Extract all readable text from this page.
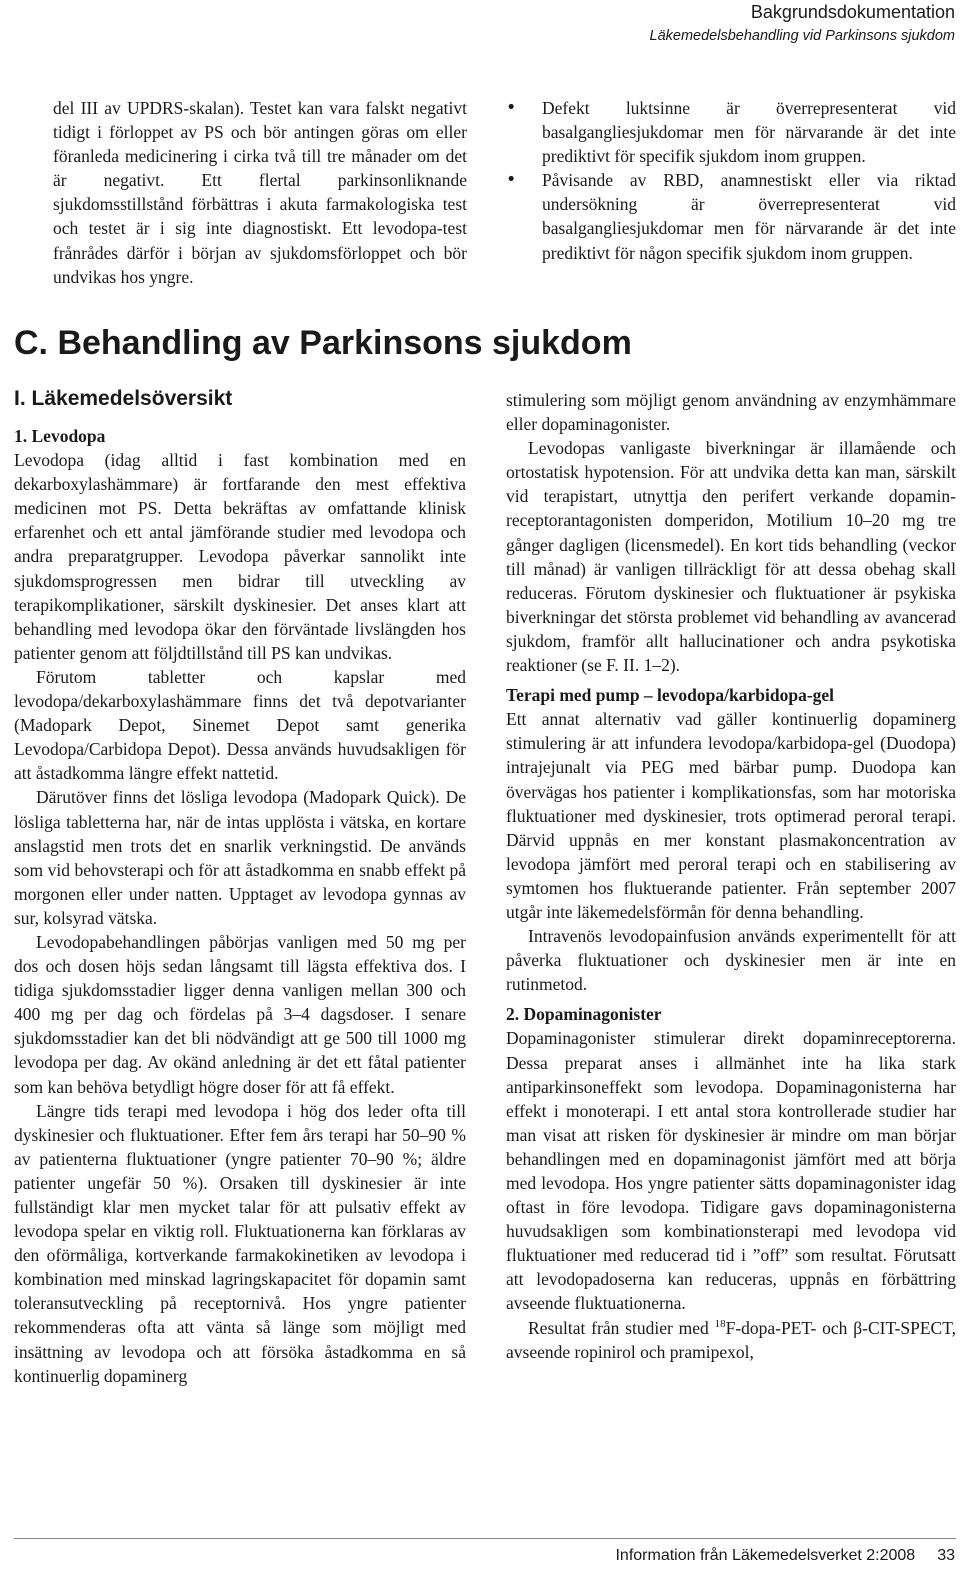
Bakgrundsdokumentation
Läkemedelsbehandling vid Parkinsons sjukdom

del III av UPDRS-skalan). Testet kan vara falskt negativt tidigt i förloppet av PS och bör antingen göras om eller föranleda medicinering i cirka två till tre månader om det är negativt. Ett flertal parkinsonliknande sjukdomsstillstånd förbättras i akuta farmakologiska test och testet är i sig inte diagnostiskt. Ett levodopa-test frånrådes därför i början av sjukdomsförloppet och bör undvikas hos yngre.

• Defekt luktsinne är överrepresenterat vid basalgangliesjukdomar men för närvarande är det inte prediktivt för specifik sjukdom inom gruppen.
• Påvisande av RBD, anamnestiskt eller via riktad undersökning är överrepresenterat vid basalgangliesjukdomar men för närvarande är det inte prediktivt för någon specifik sjukdom inom gruppen.
C. Behandling av Parkinsons sjukdom
I. Läkemedelsöversikt
1. Levodopa

Levodopa (idag alltid i fast kombination med en dekarboxylashämmare) är fortfarande den mest effektiva medicinen mot PS. Detta bekräftas av omfattande klinisk erfarenhet och ett antal jämförande studier med levodopa och andra preparatgrupper. Levodopa påverkar sannolikt inte sjukdomsprogressen men bidrar till utveckling av terapikomplikationer, särskilt dyskinesier. Det anses klart att behandling med levodopa ökar den förväntade livslängden hos patienter genom att följdtillstånd till PS kan undvikas.

Förutom tabletter och kapslar med levodopa/dekarboxylashämmare finns det två depotvarianter (Madopark Depot, Sinemet Depot samt generika Levodopa/Carbidopa Depot). Dessa används huvudsakligen för att åstadkomma längre effekt nattetid.

Därutöver finns det lösliga levodopa (Madopark Quick). De lösliga tabletterna har, när de intas upplösta i vätska, en kortare anslagstid men trots det en snarlik verkningstid. De används som vid behovsterapi och för att åstadkomma en snabb effekt på morgonen eller under natten. Upptaget av levodopa gynnas av sur, kolsyrad vätska.

Levodopabehandlingen påbörjas vanligen med 50 mg per dos och dosen höjs sedan långsamt till lägsta effektiva dos. I tidiga sjukdomsstadier ligger denna vanligen mellan 300 och 400 mg per dag och fördelas på 3–4 dagsdoser. I senare sjukdomsstadier kan det bli nödvändigt att ge 500 till 1000 mg levodopa per dag. Av okänd anledning är det ett fåtal patienter som kan behöva betydligt högre doser för att få effekt.

Längre tids terapi med levodopa i hög dos leder ofta till dyskinesier och fluktuationer. Efter fem års terapi har 50–90 % av patienterna fluktuationer (yngre patienter 70–90 %; äldre patienter ungefär 50 %). Orsaken till dyskinesier är inte fullständigt klar men mycket talar för att pulsativ effekt av levodopa spelar en viktig roll. Fluktuationerna kan förklaras av den oförmåliga, kortverkande farmakokinetiken av levodopa i kombination med minskad lagringskapacitet för dopamin samt toleransutveckling på receptornivå. Hos yngre patienter rekommenderas ofta att vänta så länge som möjligt med insättning av levodopa och att försöka åstadkomma en så kontinuerlig dopaminerg

stimulering som möjligt genom användning av enzymhämmare eller dopaminagonister.

Levodopas vanligaste biverkningar är illamående och ortostatisk hypotension. För att undvika detta kan man, särskilt vid terapistart, utnyttja den perifert verkande dopamin-receptorantagonisten domperidon, Motilium 10–20 mg tre gånger dagligen (licensmedel). En kort tids behandling (veckor till månad) är vanligen tillräckligt för att dessa obehag skall reduceras. Förutom dyskinesier och fluktuationer är psykiska biverkningar det största problemet vid behandling av avancerad sjukdom, framför allt hallucinationer och andra psykotiska reaktioner (se F. II. 1–2).

Terapi med pump – levodopa/karbidopa-gel

Ett annat alternativ vad gäller kontinuerlig dopaminerg stimulering är att infundera levodopa/karbidopa-gel (Duodopa) intrajejunalt via PEG med bärbar pump. Duodopa kan övervägas hos patienter i komplikationsfas, som har motoriska fluktuationer med dyskinesier, trots optimerad peroral terapi. Därvid uppnås en mer konstant plasmakoncentration av levodopa jämfört med peroral terapi och en stabilisering av symtomen hos fluktuerande patienter. Från september 2007 utgår inte läkemedelsförmån för denna behandling.

Intravenös levodopainfusion används experimentellt för att påverka fluktuationer och dyskinesier men är inte en rutinmetod.

2. Dopaminagonister

Dopaminagonister stimulerar direkt dopaminreceptorerna. Dessa preparat anses i allmänhet inte ha lika stark antiparkinsoneffekt som levodopa. Dopaminagonisterna har effekt i monoterapi. I ett antal stora kontrollerade studier har man visat att risken för dyskinesier är mindre om man börjar behandlingen med en dopaminagonist jämfört med att börja med levodopa. Hos yngre patienter sätts dopaminagonister idag oftast in före levodopa. Tidigare gavs dopaminagonisterna huvudsakligen som kombinationsterapi med levodopa vid fluktuationer med reducerad tid i ”off” som resultat. Förutsatt att levodopadoserna kan reduceras, uppnås en förbättring avseende fluktuationerna.

Resultat från studier med $^{18}$F-dopa-PET- och β-CIT-SPECT, avseende ropinirol och pramipexol,

Information från Läkemedelsverket 2:2008 33
